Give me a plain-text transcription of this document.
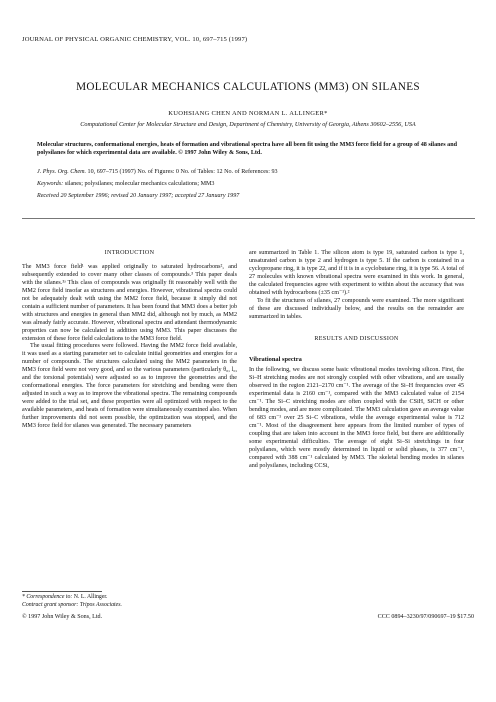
JOURNAL OF PHYSICAL ORGANIC CHEMISTRY, VOL. 10, 697–715 (1997)
MOLECULAR MECHANICS CALCULATIONS (MM3) ON SILANES
KUOHSIANG CHEN AND NORMAN L. ALLINGER*
Computational Center for Molecular Structure and Design, Department of Chemistry, University of Georgia, Athens 30602–2556, USA
Molecular structures, conformational energies, heats of formation and vibrational spectra have all been fit using the MM3 force field for a group of 48 silanes and polysilanes for which experimental data are available. © 1997 John Wiley & Sons, Ltd.
J. Phys. Org. Chem. 10, 697–715 (1997) No. of Figures: 0 No. of Tables: 12 No. of References: 93
Keywords: silanes; polysilanes; molecular mechanics calculations; MM3
Received 20 September 1996; revised 20 January 1997; accepted 27 January 1997
INTRODUCTION

The MM3 force field¹ was applied originally to saturated hydrocarbons², and subsequently extended to cover many other classes of compounds.³ This paper deals with the silanes.³ᵃ This class of compounds was originally fit reasonably well with the MM2 force field insofar as structures and energies. However, vibrational spectra could not be adequately dealt with using the MM2 force field, because it simply did not contain a sufficient number of parameters. It has been found that MM3 does a better job with structures and energies in general than MM2 did, although not by much, as MM2 was already fairly accurate. However, vibrational spectra and attendant thermodynamic properties can now be calculated in addition using MM3. This paper discusses the extension of these force field calculations to the MM3 force field.

The usual fitting procedures were followed. Having the MM2 force field available, it was used as a starting parameter set to calculate initial geometries and energies for a number of compounds. The structures calculated using the MM2 parameters in the MM3 force field were not very good, and so the various parameters (particularly θ₀, l₀, and the torsional potentials) were adjusted so as to improve the geometries and the conformational energies. The force parameters for stretching and bending were then adjusted in such a way as to improve the vibrational spectra. The remaining compounds were added to the trial set, and these properties were all optimized with respect to the available parameters, and heats of formation were simultaneously examined also. When further improvements did not seem possible, the optimization was stopped, and the MM3 force field for silanes was generated. The necessary parameters

are summarized in Table 1. The silicon atom is type 19, saturated carbon is type 1, unsaturated carbon is type 2 and hydrogen is type 5. If the carbon is contained in a cyclopropane ring, it is type 22, and if it is in a cyclobutane ring, it is type 56. A total of 27 molecules with known vibrational spectra were examined in this work. In general, the calculated frequencies agree with experiment to within about the accuracy that was obtained with hydrocarbons (±35 cm⁻¹).²

To fit the structures of silanes, 27 compounds were examined. The more significant of these are discussed individually below, and the results on the remainder are summarized in tables.

RESULTS AND DISCUSSION
Vibrational spectra

In the following, we discuss some basic vibrational modes involving silicon. First, the Si–H stretching modes are not strongly coupled with other vibrations, and are usually observed in the region 2121–2170 cm⁻¹. The average of the Si–H frequencies over 45 experimental data is 2160 cm⁻¹, compared with the MM3 calculated value of 2154 cm⁻¹. The Si–C stretching modes are often coupled with the CSiH, SiCH or other bending modes, and are more complicated. The MM3 calculation gave an average value of 683 cm⁻¹ over 25 Si–C vibrations, while the average experimental value is 712 cm⁻¹. Most of the disagreement here appears from the limited number of types of coupling that are taken into account in the MM3 force field, but there are additionally some experimental difficulties. The average of eight Si–Si stretchings in four polysilanes, which were mostly determined in liquid or solid phases, is 377 cm⁻¹, compared with 388 cm⁻¹ calculated by MM3. The skeletal bending modes in silanes and polysilanes, including CCSi,

* Correspondence to: N. L. Allinger.
Contract grant sponsor: Tripos Associates.
© 1997 John Wiley & Sons, Ltd.	CCC 0894–3230/97/090697–19 $17.50
